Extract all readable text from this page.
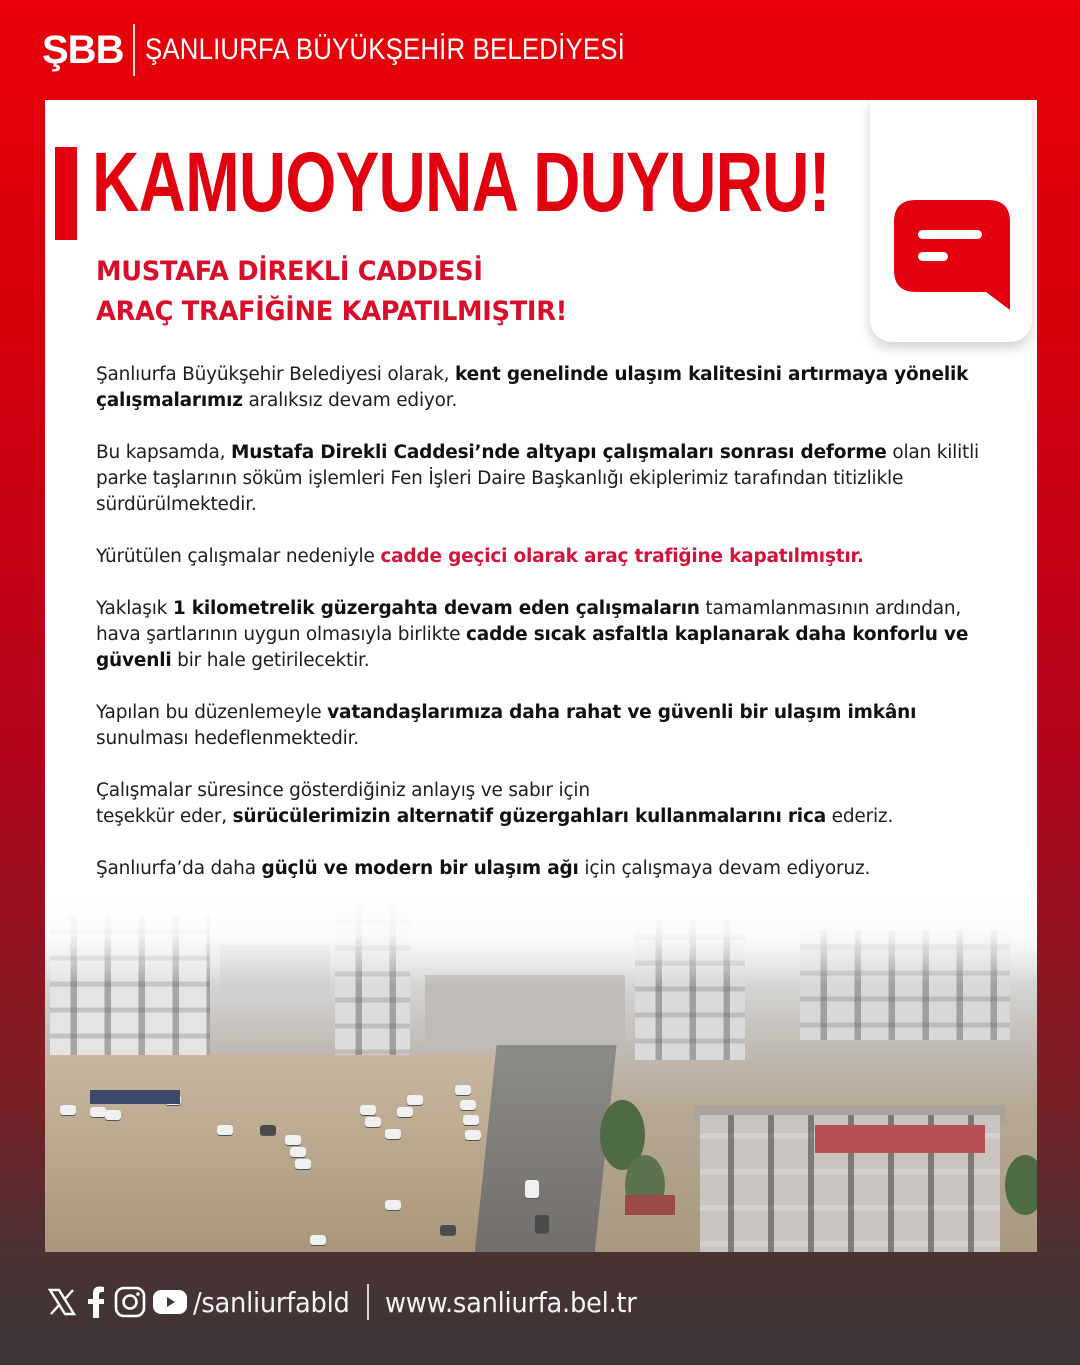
ŞBB ŞANLIURFA BÜYÜKŞEHİR BELEDİYESİ
KAMUOYUNA DUYURU!
MUSTAFA DİREKLİ CADDESİ
ARAÇ TRAFİĞİNE KAPATILMIŞTIR!

Şanlıurfa Büyükşehir Belediyesi olarak, kent genelinde ulaşım kalitesini artırmaya yönelik çalışmalarımız aralıksız devam ediyor.

Bu kapsamda, Mustafa Direkli Caddesi’nde altyapı çalışmaları sonrası deforme olan kilitli parke taşlarının söküm işlemleri Fen İşleri Daire Başkanlığı ekiplerimiz tarafından titizlikle sürdürülmektedir.

Yürütülen çalışmalar nedeniyle cadde geçici olarak araç trafiğine kapatılmıştır.

Yaklaşık 1 kilometrelik güzergahta devam eden çalışmaların tamamlanmasının ardından, hava şartlarının uygun olmasıyla birlikte cadde sıcak asfaltla kaplanarak daha konforlu ve güvenli bir hale getirilecektir.

Yapılan bu düzenlemeyle vatandaşlarımıza daha rahat ve güvenli bir ulaşım imkânı sunulması hedeflenmektedir.

Çalışmalar süresince gösterdiğiniz anlayış ve sabır için
teşekkür eder, sürücülerimizin alternatif güzergahları kullanmalarını rica ederiz.

Şanlıurfa’da daha güçlü ve modern bir ulaşım ağı için çalışmaya devam ediyoruz.

/sanliurfabld www.sanliurfa.bel.tr
